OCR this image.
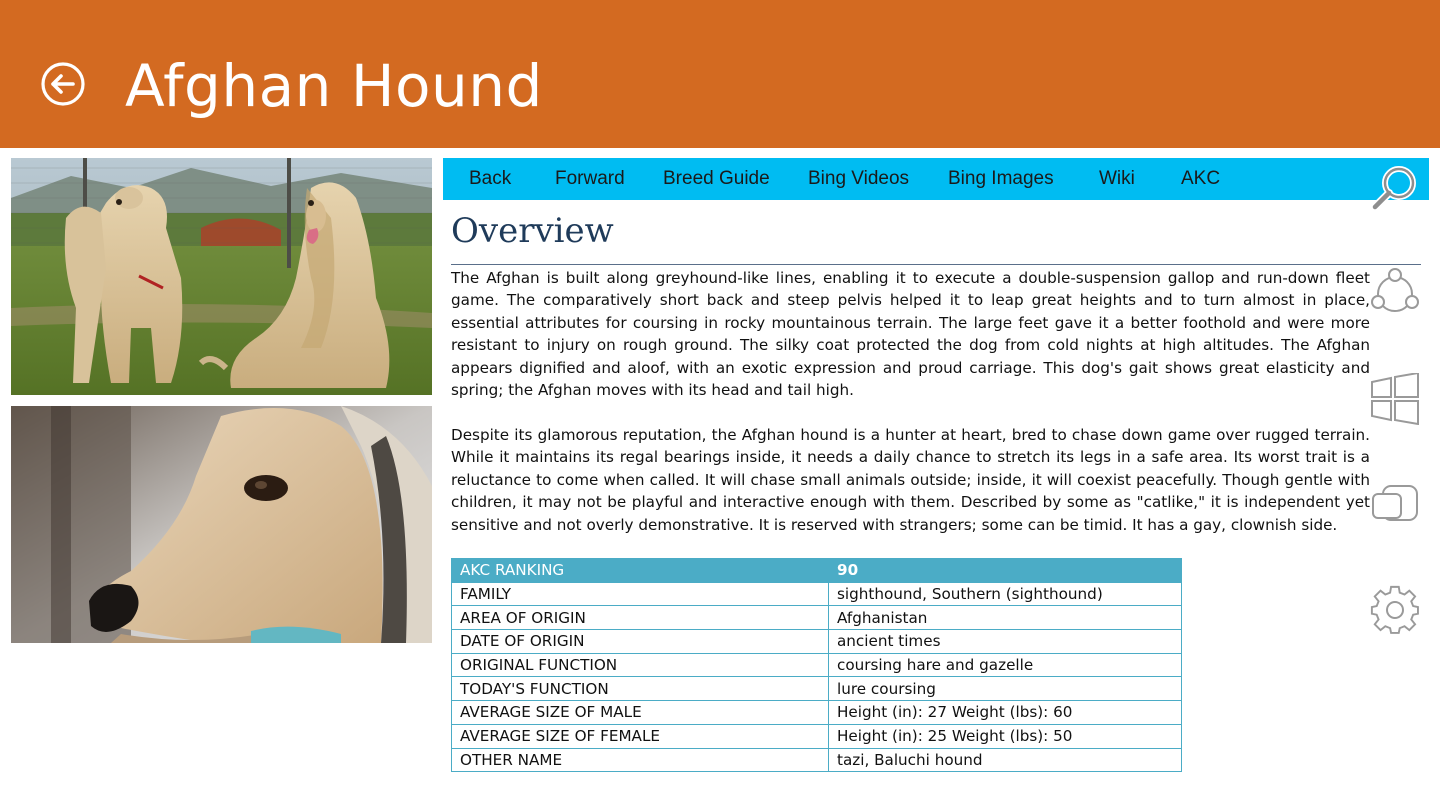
Afghan Hound
Back Forward Breed Guide Bing Videos Bing Images Wiki AKC
Overview

The Afghan is built along greyhound-like lines, enabling it to execute a double-suspension gallop and run-down fleet game. The comparatively short back and steep pelvis helped it to leap great heights and to turn almost in place, essential attributes for coursing in rocky mountainous terrain. The large feet gave it a better foothold and were more resistant to injury on rough ground. The silky coat protected the dog from cold nights at high altitudes. The Afghan appears dignified and aloof, with an exotic expression and proud carriage. This dog's gait shows great elasticity and spring; the Afghan moves with its head and tail high.

Despite its glamorous reputation, the Afghan hound is a hunter at heart, bred to chase down game over rugged terrain. While it maintains its regal bearings inside, it needs a daily chance to stretch its legs in a safe area. Its worst trait is a reluctance to come when called. It will chase small animals outside; inside, it will coexist peacefully. Though gentle with children, it may not be playful and interactive enough with them. Described by some as "catlike," it is independent yet sensitive and not overly demonstrative. It is reserved with strangers; some can be timid. It has a gay, clownish side.

AKC RANKING	90
FAMILY	sighthound, Southern (sighthound)
AREA OF ORIGIN	Afghanistan
DATE OF ORIGIN	ancient times
ORIGINAL FUNCTION	coursing hare and gazelle
TODAY'S FUNCTION	lure coursing
AVERAGE SIZE OF MALE	Height (in): 27 Weight (lbs): 60
AVERAGE SIZE OF FEMALE	Height (in): 25 Weight (lbs): 50
OTHER NAME	tazi, Baluchi hound
